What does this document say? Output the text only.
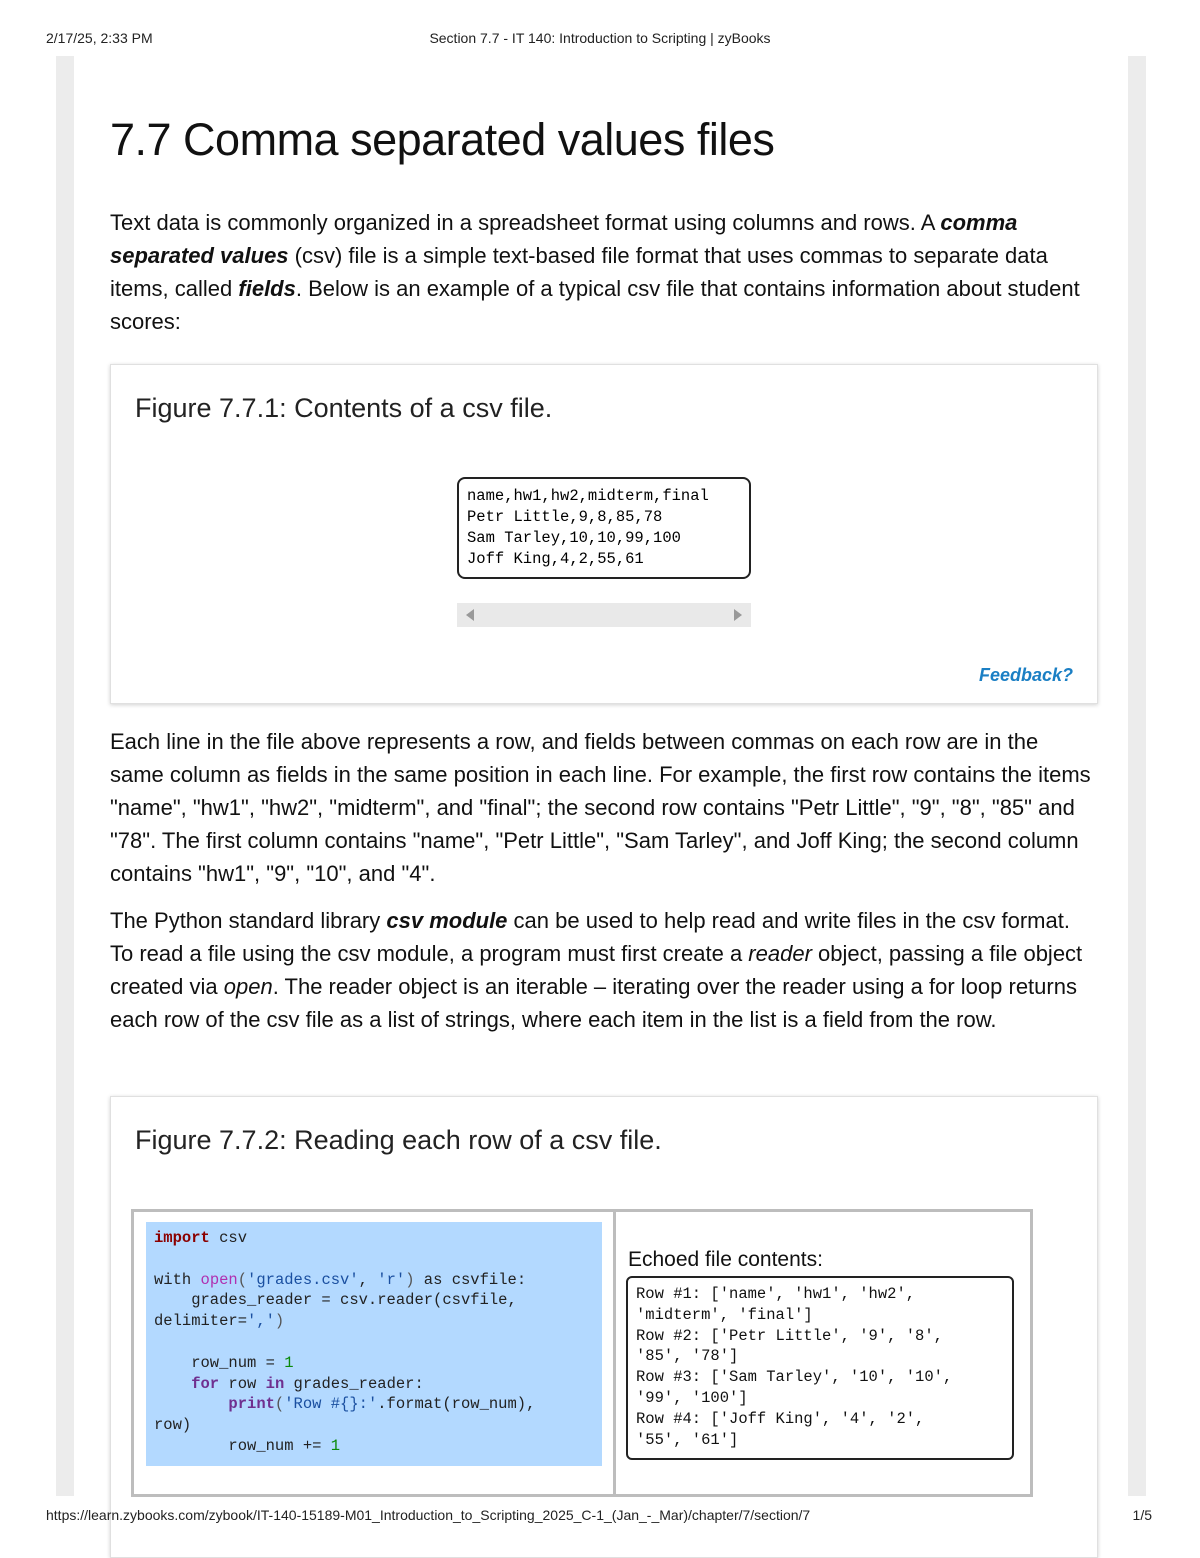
2/17/25, 2:33 PM	Section 7.7 - IT 140: Introduction to Scripting | zyBooks
7.7 Comma separated values files

Text data is commonly organized in a spreadsheet format using columns and rows. A comma separated values (csv) file is a simple text-based file format that uses commas to separate data items, called fields. Below is an example of a typical csv file that contains information about student scores:

Figure 7.7.1: Contents of a csv file.
name,hw1,hw2,midterm,final
Petr Little,9,8,85,78
Sam Tarley,10,10,99,100
Joff King,4,2,55,61
Feedback?

Each line in the file above represents a row, and fields between commas on each row are in the same column as fields in the same position in each line. For example, the first row contains the items "name", "hw1", "hw2", "midterm", and "final"; the second row contains "Petr Little", "9", "8", "85" and "78". The first column contains "name", "Petr Little", "Sam Tarley", and Joff King; the second column contains "hw1", "9", "10", and "4".

The Python standard library csv module can be used to help read and write files in the csv format. To read a file using the csv module, a program must first create a reader object, passing a file object created via open. The reader object is an iterable – iterating over the reader using a for loop returns each row of the csv file as a list of strings, where each item in the list is a field from the row.

Figure 7.7.2: Reading each row of a csv file.
import csv

with open('grades.csv', 'r') as csvfile:
grades_reader = csv.reader(csvfile,
delimiter=',')

row_num = 1
for row in grades_reader:
print('Row #{}:'.format(row_num),
row)
row_num += 1
Echoed file contents:
Row #1: ['name', 'hw1', 'hw2',
'midterm', 'final']
Row #2: ['Petr Little', '9', '8',
'85', '78']
Row #3: ['Sam Tarley', '10', '10',
'99', '100']
Row #4: ['Joff King', '4', '2',
'55', '61']
https://learn.zybooks.com/zybook/IT-140-15189-M01_Introduction_to_Scripting_2025_C-1_(Jan_-_Mar)/chapter/7/section/7	1/5
